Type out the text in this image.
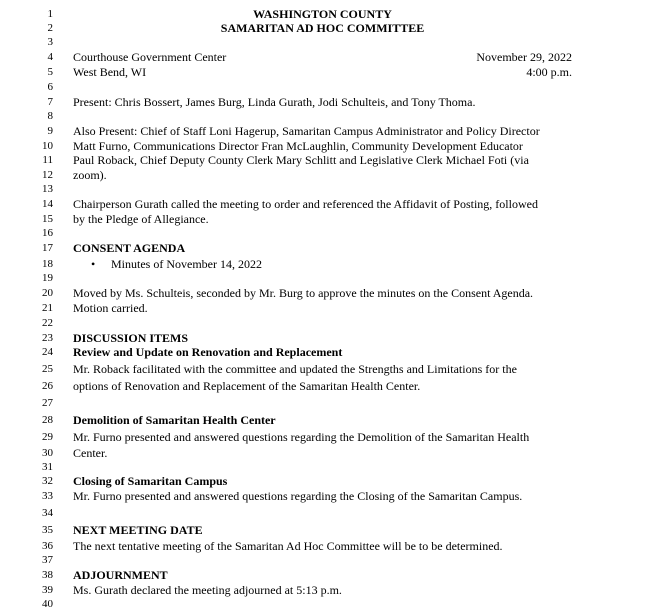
1
2
3
4
5
6
7
8
9
10
11
12
13
14
15
16
17
18
19
20
21
22
23
24
25
26
27
28
29
30
31
32
33
34
35
36
37
38
39
40
WASHINGTON COUNTY
SAMARITAN AD HOC COMMITTEE
Courthouse Government Center	November 29, 2022
West Bend, WI	4:00 p.m.
Present: Chris Bossert, James Burg, Linda Gurath, Jodi Schulteis, and Tony Thoma.
Also Present: Chief of Staff Loni Hagerup, Samaritan Campus Administrator and Policy Director
Matt Furno, Communications Director Fran McLaughlin, Community Development Educator
Paul Roback, Chief Deputy County Clerk Mary Schlitt and Legislative Clerk Michael Foti (via
zoom).
Chairperson Gurath called the meeting to order and referenced the Affidavit of Posting, followed
by the Pledge of Allegiance.
CONSENT AGENDA
• Minutes of November 14, 2022
Moved by Ms. Schulteis, seconded by Mr. Burg to approve the minutes on the Consent Agenda.
Motion carried.
DISCUSSION ITEMS
Review and Update on Renovation and Replacement
Mr. Roback facilitated with the committee and updated the Strengths and Limitations for the
options of Renovation and Replacement of the Samaritan Health Center.
Demolition of Samaritan Health Center
Mr. Furno presented and answered questions regarding the Demolition of the Samaritan Health
Center.
Closing of Samaritan Campus
Mr. Furno presented and answered questions regarding the Closing of the Samaritan Campus.
NEXT MEETING DATE
The next tentative meeting of the Samaritan Ad Hoc Committee will be to be determined.
ADJOURNMENT
Ms. Gurath declared the meeting adjourned at 5:13 p.m.
